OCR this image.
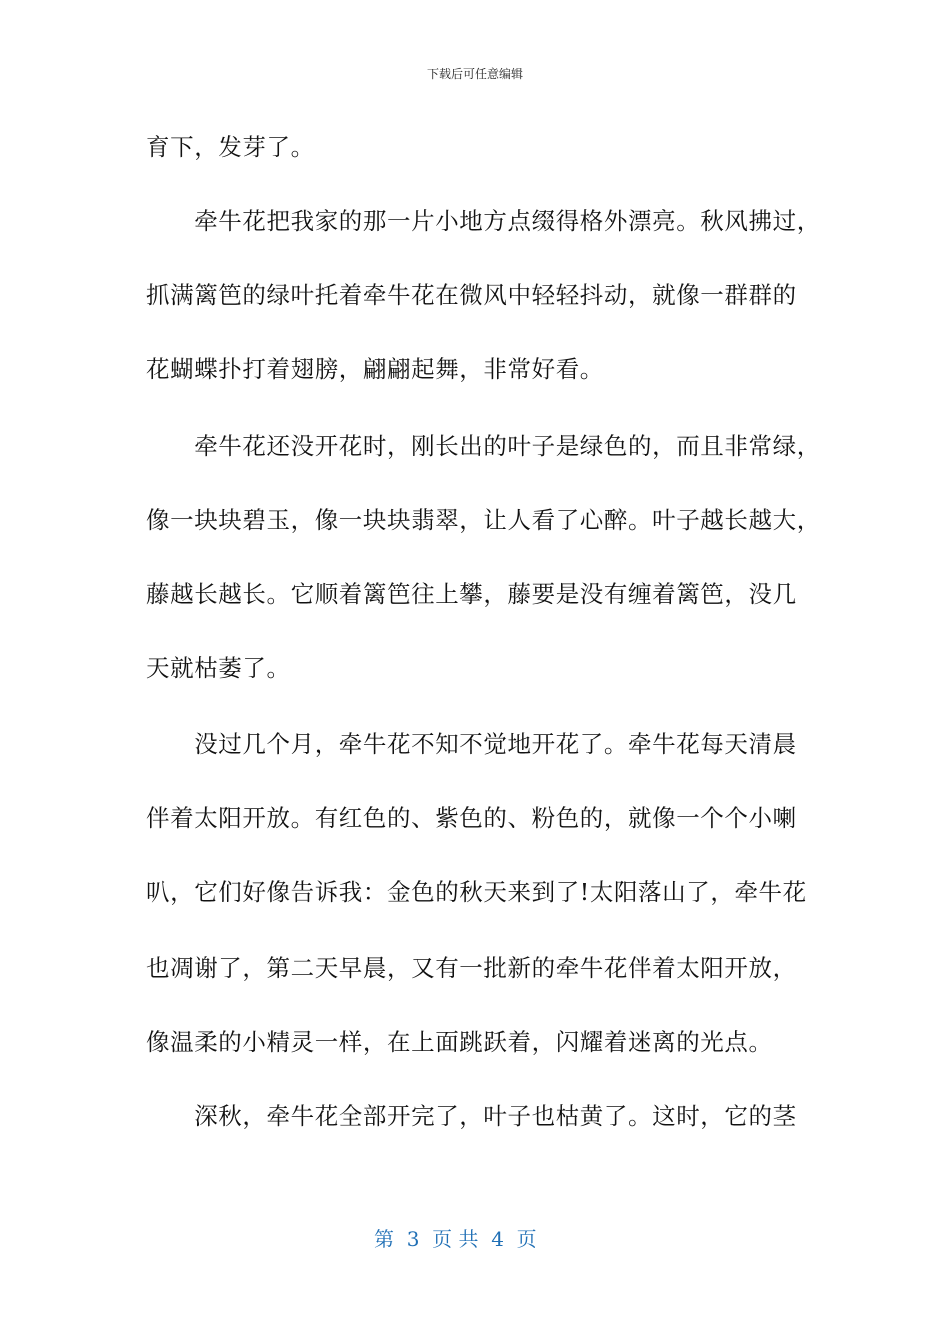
下载后可任意编辑
育下，发芽了。
　　牵牛花把我家的那一片小地方点缀得格外漂亮。秋风拂过，
抓满篱笆的绿叶托着牵牛花在微风中轻轻抖动，就像一群群的
花蝴蝶扑打着翅膀，翩翩起舞，非常好看。
　　牵牛花还没开花时，刚长出的叶子是绿色的，而且非常绿，
像一块块碧玉，像一块块翡翠，让人看了心醉。叶子越长越大，
藤越长越长。它顺着篱笆往上攀，藤要是没有缠着篱笆，没几
天就枯萎了。
　　没过几个月，牵牛花不知不觉地开花了。牵牛花每天清晨
伴着太阳开放。有红色的、紫色的、粉色的，就像一个个小喇
叭，它们好像告诉我：金色的秋天来到了!太阳落山了，牵牛花
也凋谢了，第二天早晨，又有一批新的牵牛花伴着太阳开放，
像温柔的小精灵一样，在上面跳跃着，闪耀着迷离的光点。
　　深秋，牵牛花全部开完了，叶子也枯黄了。这时，它的茎
第  3  页 共  4  页
